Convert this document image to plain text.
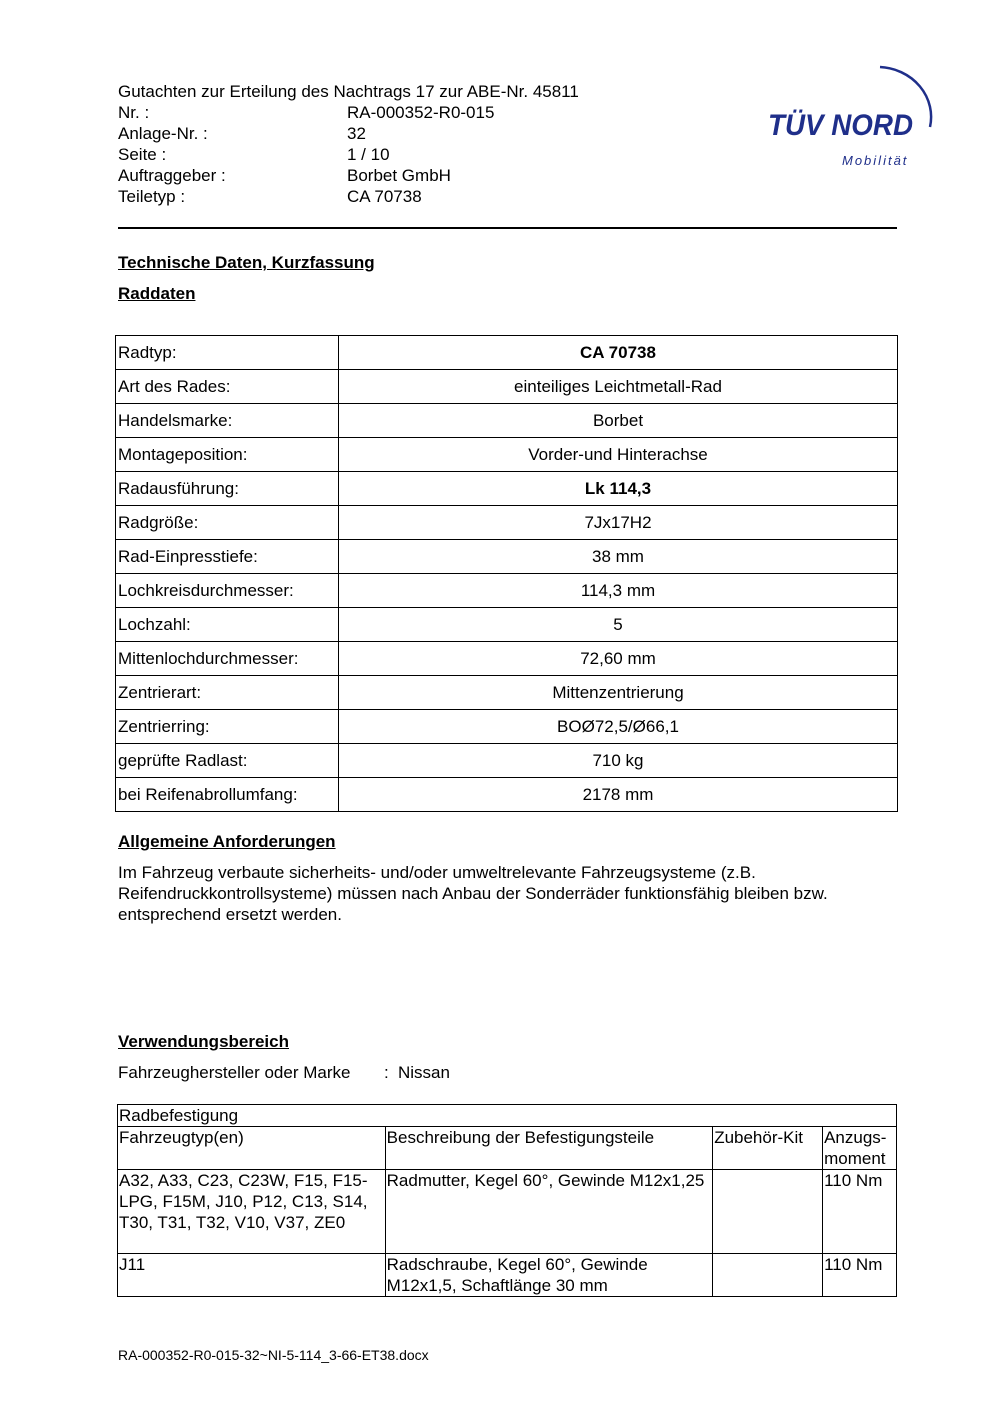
Gutachten zur Erteilung des Nachtrags 17 zur ABE-Nr. 45811
Nr. :	RA-000352-R0-015
Anlage-Nr. :	32
Seite :	1 / 10
Auftraggeber :	Borbet GmbH
Teiletyp :	CA 70738
TÜV NORD
Mobilität
Technische Daten, Kurzfassung
Raddaten
Radtyp:	CA 70738
Art des Rades:	einteiliges Leichtmetall-Rad
Handelsmarke:	Borbet
Montageposition:	Vorder-und Hinterachse
Radausführung:	Lk 114,3
Radgröße:	7Jx17H2
Rad-Einpresstiefe:	38 mm
Lochkreisdurchmesser:	114,3 mm
Lochzahl:	5
Mittenlochdurchmesser:	72,60 mm
Zentrierart:	Mittenzentrierung
Zentrierring:	BOØ72,5/Ø66,1
geprüfte Radlast:	710 kg
bei Reifenabrollumfang:	2178 mm
Allgemeine Anforderungen
Im Fahrzeug verbaute sicherheits- und/oder umweltrelevante Fahrzeugsysteme (z.B. Reifendruckkontrollsysteme) müssen nach Anbau der Sonderräder funktionsfähig bleiben bzw. entsprechend ersetzt werden.
Verwendungsbereich
Fahrzeughersteller oder Marke : Nissan
Radbefestigung			
Fahrzeugtyp(en)	Beschreibung der Befestigungsteile	Zubehör-Kit	Anzugs-moment
A32, A33, C23, C23W, F15, F15-LPG, F15M, J10, P12, C13, S14, T30, T31, T32, V10, V37, ZE0	Radmutter, Kegel 60°, Gewinde M12x1,25		110 Nm
J11	Radschraube, Kegel 60°, Gewinde M12x1,5, Schaftlänge 30 mm		110 Nm
RA-000352-R0-015-32~NI-5-114_3-66-ET38.docx
